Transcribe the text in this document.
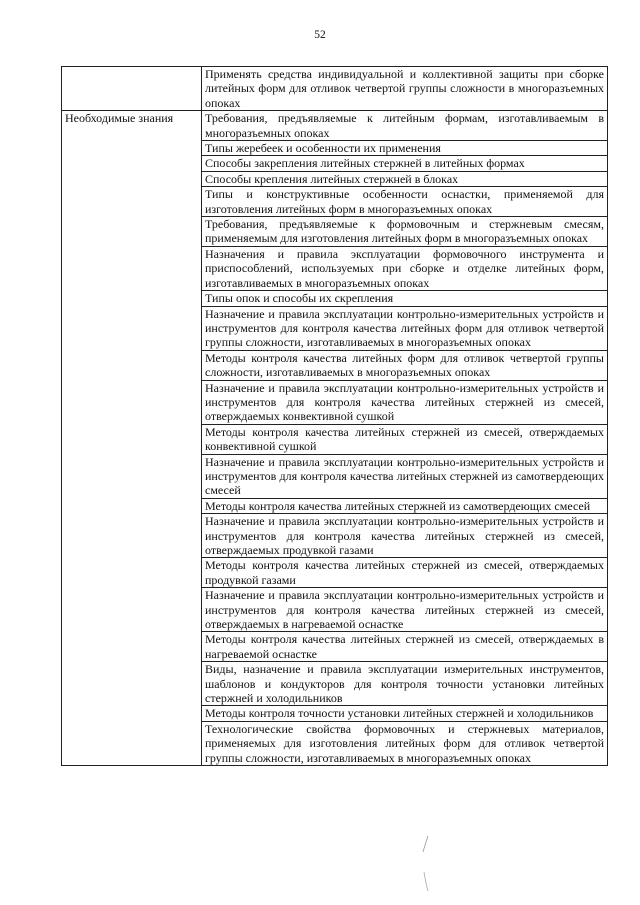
52
	Применять средства индивидуальной и коллективной защиты при сборке литейных форм для отливок четвертой группы сложности в многоразъемных опоках
Необходимые знания	Требования, предъявляемые к литейным формам, изготавливаемым в многоразъемных опоках
	Типы жеребеек и особенности их применения
	Способы закрепления литейных стержней в литейных формах
	Способы крепления литейных стержней в блоках
	Типы и конструктивные особенности оснастки, применяемой для изготовления литейных форм в многоразъемных опоках
	Требования, предъявляемые к формовочным и стержневым смесям, применяемым для изготовления литейных форм в многоразъемных опоках
	Назначения и правила эксплуатации формовочного инструмента и приспособлений, используемых при сборке и отделке литейных форм, изготавливаемых в многоразъемных опоках
	Типы опок и способы их скрепления
	Назначение и правила эксплуатации контрольно-измерительных устройств и инструментов для контроля качества литейных форм для отливок четвертой группы сложности, изготавливаемых в многоразъемных опоках
	Методы контроля качества литейных форм для отливок четвертой группы сложности, изготавливаемых в многоразъемных опоках
	Назначение и правила эксплуатации контрольно-измерительных устройств и инструментов для контроля качества литейных стержней из смесей, отверждаемых конвективной сушкой
	Методы контроля качества литейных стержней из смесей, отверждаемых конвективной сушкой
	Назначение и правила эксплуатации контрольно-измерительных устройств и инструментов для контроля качества литейных стержней из самотвердеющих смесей
	Методы контроля качества литейных стержней из самотвердеющих смесей
	Назначение и правила эксплуатации контрольно-измерительных устройств и инструментов для контроля качества литейных стержней из смесей, отверждаемых продувкой газами
	Методы контроля качества литейных стержней из смесей, отверждаемых продувкой газами
	Назначение и правила эксплуатации контрольно-измерительных устройств и инструментов для контроля качества литейных стержней из смесей, отверждаемых в нагреваемой оснастке
	Методы контроля качества литейных стержней из смесей, отверждаемых в нагреваемой оснастке
	Виды, назначение и правила эксплуатации измерительных инструментов, шаблонов и кондукторов для контроля точности установки литейных стержней и холодильников
	Методы контроля точности установки литейных стержней и холодильников
	Технологические свойства формовочных и стержневых материалов, применяемых для изготовления литейных форм для отливок четвертой группы сложности, изготавливаемых в многоразъемных опоках
